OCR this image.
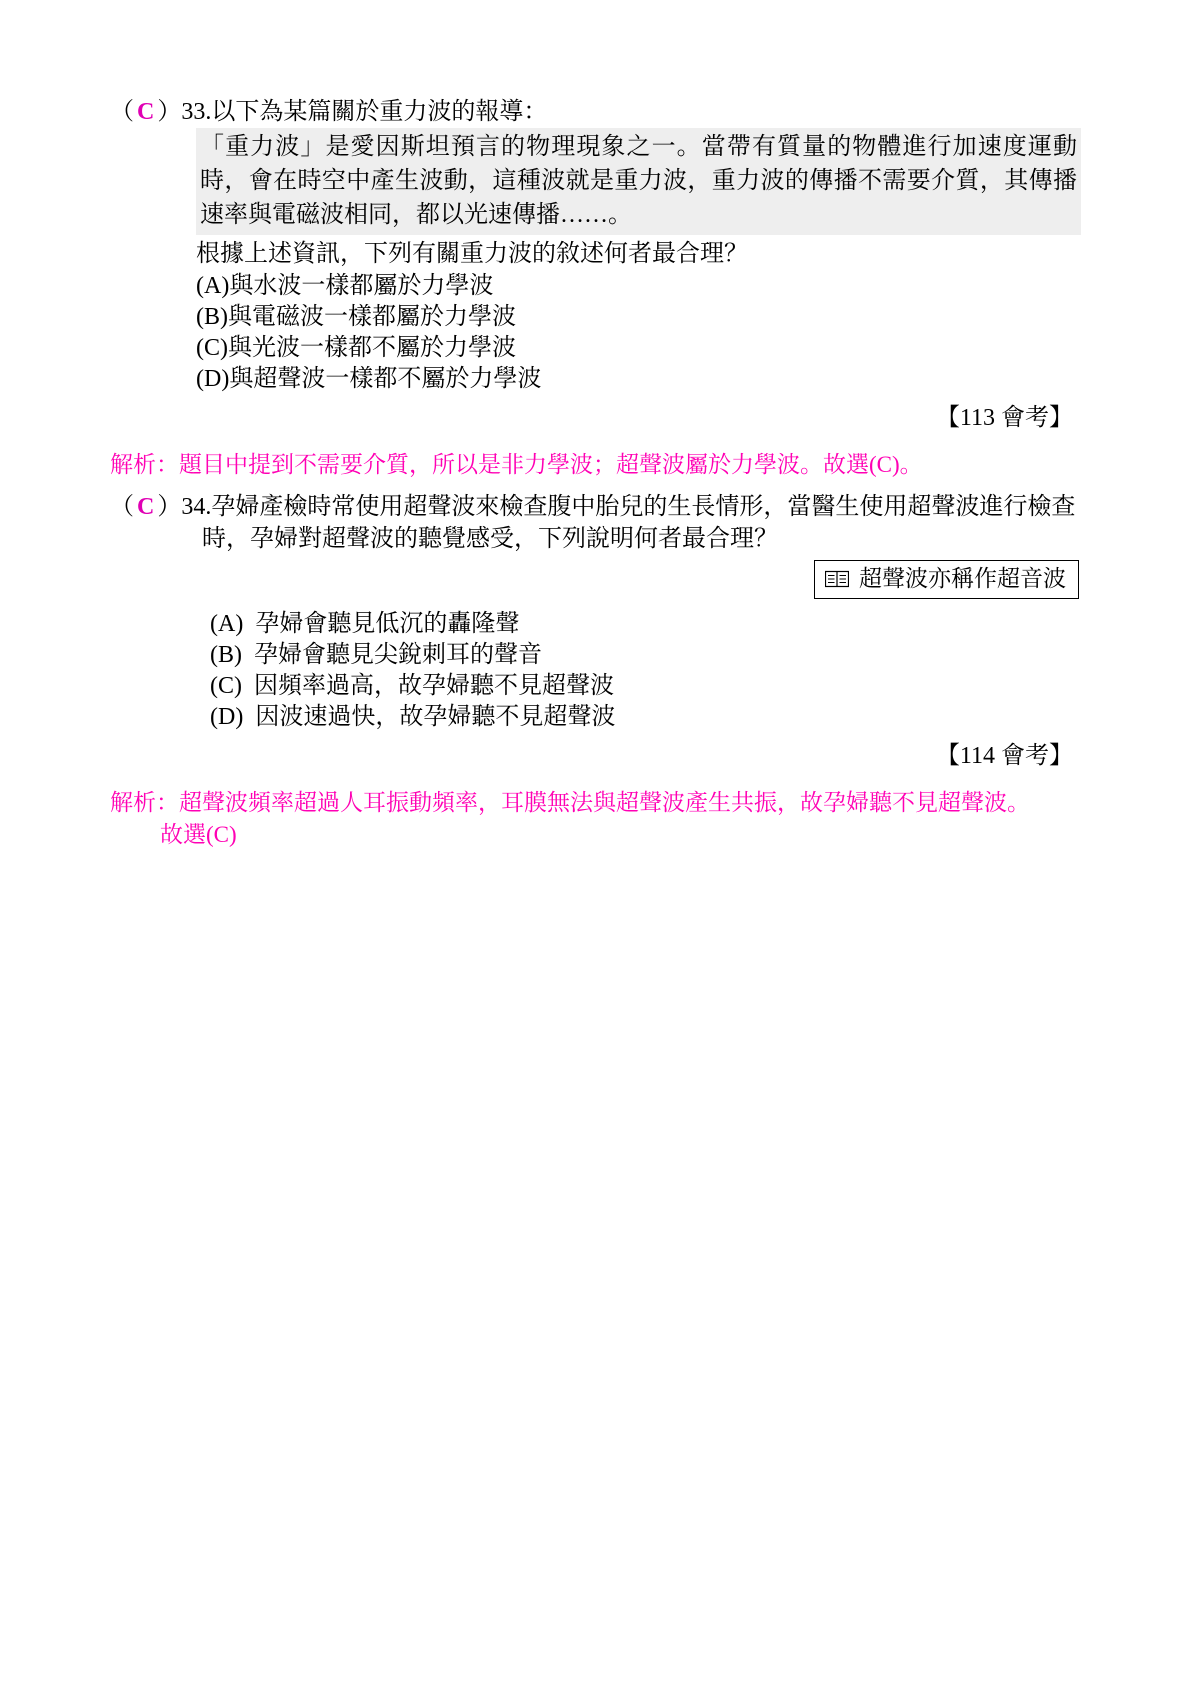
（ C ） 33. 以下為某篇關於重力波的報導：
「重力波」是愛因斯坦預言的物理現象之一。當帶有質量的物體進行加速度運動時，會在時空中產生波動，這種波就是重力波，重力波的傳播不需要介質，其傳播速率與電磁波相同，都以光速傳播……。
根據上述資訊，下列有關重力波的敘述何者最合理？
(A)與水波一樣都屬於力學波
(B)與電磁波一樣都屬於力學波
(C)與光波一樣都不屬於力學波
(D)與超聲波一樣都不屬於力學波
【113 會考】
解析：題目中提到不需要介質，所以是非力學波；超聲波屬於力學波。故選(C)。
（ C ） 34. 孕婦產檢時常使用超聲波來檢查腹中胎兒的生長情形，當醫生使用超聲波進行檢查
時，孕婦對超聲波的聽覺感受，下列說明何者最合理？
超聲波亦稱作超音波
(A)  孕婦會聽見低沉的轟隆聲
(B)  孕婦會聽見尖銳刺耳的聲音
(C)  因頻率過高，故孕婦聽不見超聲波
(D)  因波速過快，故孕婦聽不見超聲波
【114 會考】
解析：超聲波頻率超過人耳振動頻率，耳膜無法與超聲波產生共振，故孕婦聽不見超聲波。
故選(C)
